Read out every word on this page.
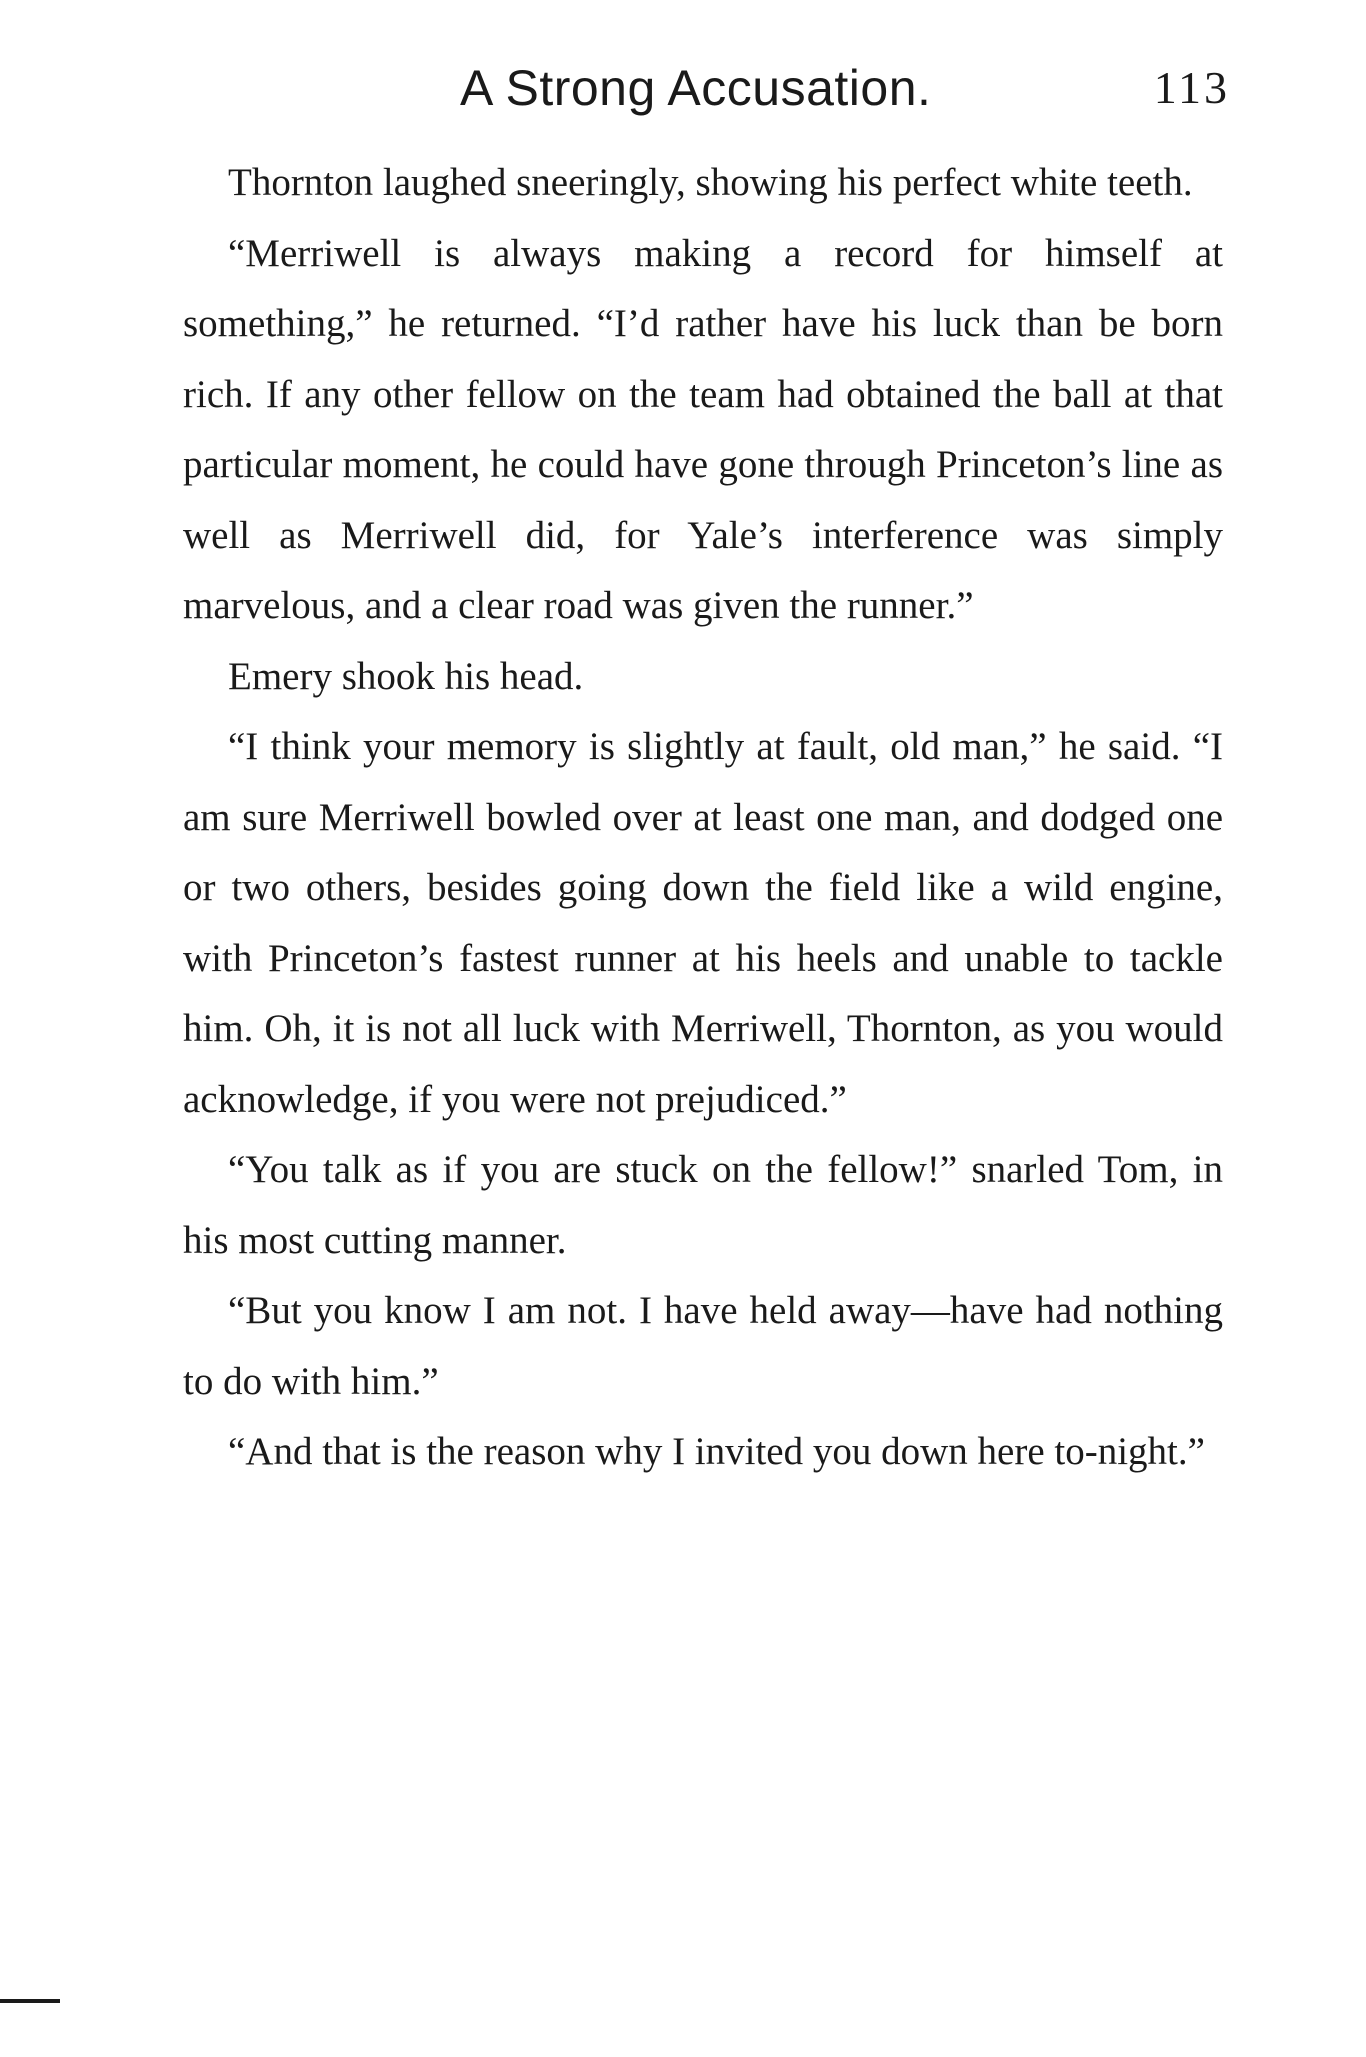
A Strong Accusation.	113

Thornton laughed sneeringly, showing his perfect white teeth.

“Merriwell is always making a record for himself at something,” he returned. “I’d rather have his luck than be born rich. If any other fellow on the team had obtained the ball at that particular moment, he could have gone through Princeton’s line as well as Merriwell did, for Yale’s interference was simply marvelous, and a clear road was given the runner.”

Emery shook his head.

“I think your memory is slightly at fault, old man,” he said. “I am sure Merriwell bowled over at least one man, and dodged one or two others, besides going down the field like a wild engine, with Princeton’s fastest runner at his heels and unable to tackle him. Oh, it is not all luck with Merriwell, Thornton, as you would acknowledge, if you were not prejudiced.”

“You talk as if you are stuck on the fellow!” snarled Tom, in his most cutting manner.

“But you know I am not. I have held away—have had nothing to do with him.”

“And that is the reason why I invited you down here to-night.”
